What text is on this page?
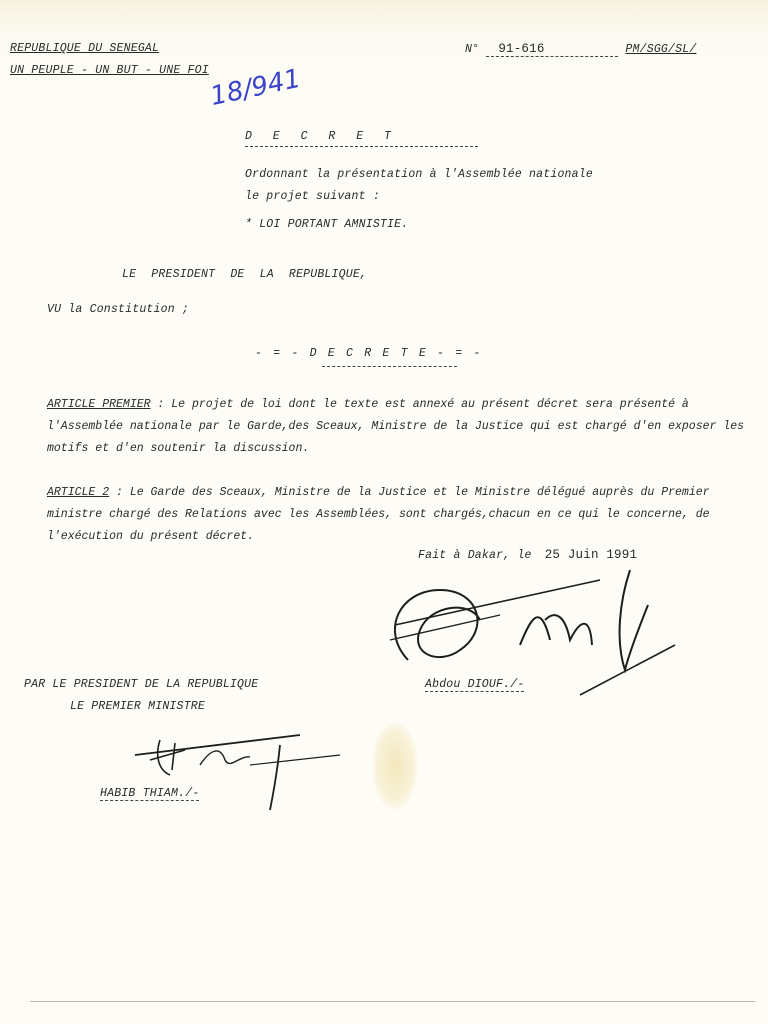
REPUBLIQUE DU SENEGAL
UN PEUPLE - UN BUT - UNE FOI
N° 91-616	PM/SGG/SL/
18/941
D E C R E T
Ordonnant la présentation à l'Assemblée nationale
le projet suivant :
* LOI PORTANT AMNISTIE.
LE PRESIDENT DE LA REPUBLIQUE,
VU la Constitution ;
- = - D E C R E T E - = -
ARTICLE PREMIER : Le projet de loi dont le texte est annexé au présent décret sera présenté à l'Assemblée nationale par le Garde,des Sceaux, Ministre de la Justice qui est chargé d'en exposer les motifs et d'en soutenir la discussion.
ARTICLE 2 : Le Garde des Sceaux, Ministre de la Justice et le Ministre délégué auprès du Premier ministre chargé des Relations avec les Assemblées, sont chargés,chacun en ce qui le concerne, de l'exécution du présent décret.
Fait à Dakar, le 25 Juin 1991
Abdou DIOUF./-
PAR LE PRESIDENT DE LA REPUBLIQUE
LE PREMIER MINISTRE
HABIB THIAM./-
